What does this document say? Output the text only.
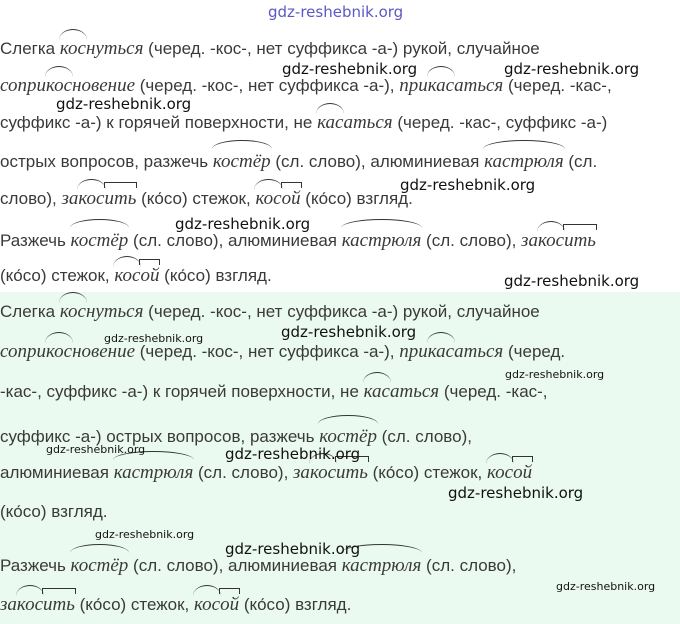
gdz-reshebnik.org
Слегка коснуться (черед. -кос-, нет суффикса -а-) рукой, случайное
соприкосновение (черед. -кос-, нет суффикса -а-), прикасаться (черед. -кас-,
суффикс -а-) к горячей поверхности, не касаться (черед. -кас-, суффикс -а-)
острых вопросов, разжечь костёр (сл. слово), алюминиевая кастрюля (сл.
слово), закосить (ко́со) стежок, косой (ко́со) взгляд.
Разжечь костёр (сл. слово), алюминиевая кастрюля (сл. слово), закосить
(ко́со) стежок, косой (ко́со) взгляд.
Слегка коснуться (черед. -кос-, нет суффикса -а-) рукой, случайное
соприкосновение (черед. -кос-, нет суффикса -а-), прикасаться (черед.
-кас-, суффикс -а-) к горячей поверхности, не касаться (черед. -кас-,
суффикс -а-) острых вопросов, разжечь костёр (сл. слово),
алюминиевая кастрюля (сл. слово), закосить (ко́со) стежок, косой
(ко́со) взгляд.
Разжечь костёр (сл. слово), алюминиевая кастрюля (сл. слово),
закосить (ко́со) стежок, косой (ко́со) взгляд.
gdz-reshebnik.org	gdz-reshebnik.org
gdz-reshebnik.org
gdz-reshebnik.org
gdz-reshebnik.org
gdz-reshebnik.org
gdz-reshebnik.org
gdz-reshebnik.org
gdz-reshebnik.org
gdz-reshebnik.org	gdz-reshebnik.org
gdz-reshebnik.org
gdz-reshebnik.org
gdz-reshebnik.org
gdz-reshebnik.org
